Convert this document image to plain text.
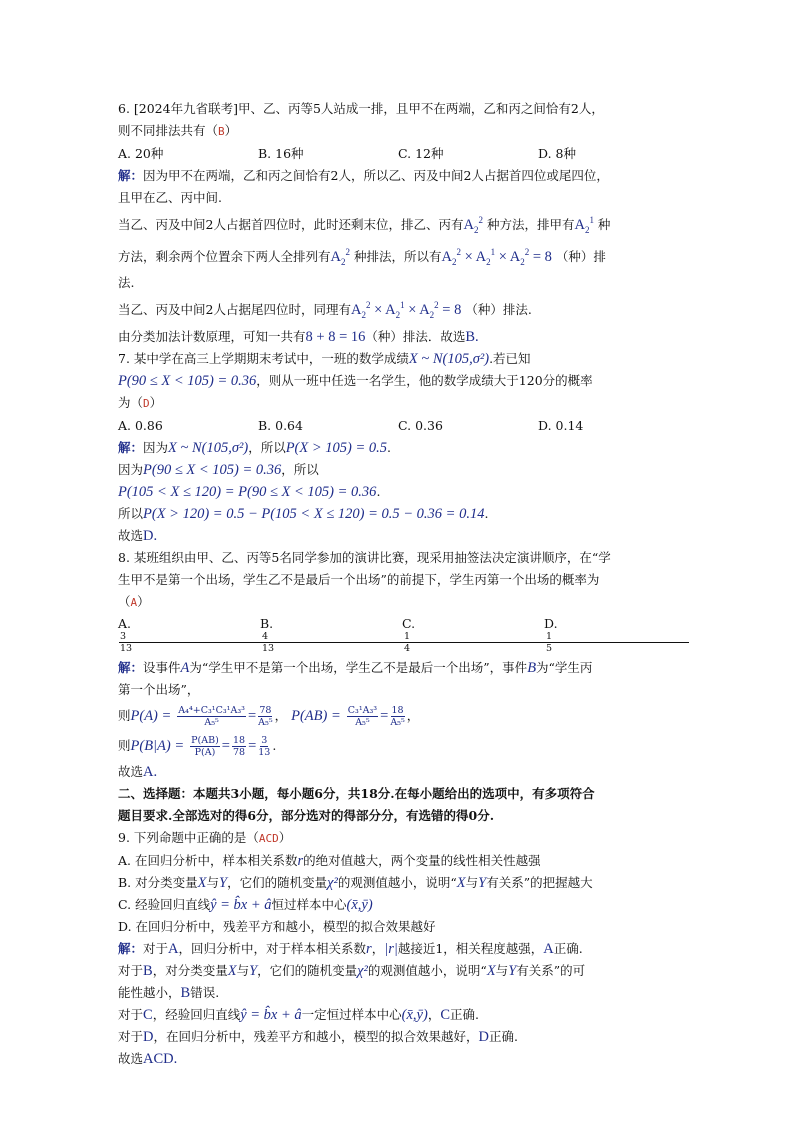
6. [2024年九省联考]甲、乙、丙等5人站成一排，且甲不在两端，乙和丙之间恰有2人，
则不同排法共有（B）
A. 20种	B. 16种	C. 12种	D. 8种
解：因为甲不在两端，乙和丙之间恰有2人，所以乙、丙及中间2人占据首四位或尾四位，
且甲在乙、丙中间.
当乙、丙及中间2人占据首四位时，此时还剩末位，排乙、丙有$A_2^2$ 种方法，排甲有$A_2^1$ 种
方法，剩余两个位置余下两人全排列有$A_2^2$ 种排法，所以有$A_2^2 \times A_2^1 \times A_2^2 = 8$ （种）排
法.
当乙、丙及中间2人占据尾四位时，同理有$A_2^2 \times A_2^1 \times A_2^2 = 8$ （种）排法.
由分类加法计数原理，可知一共有8 + 8 = 16（种）排法．故选B.
7. 某中学在高三上学期期末考试中，一班的数学成绩X ~ N(105,σ²).若已知
P(90 ≤ X < 105) = 0.36，则从一班中任选一名学生，他的数学成绩大于120分的概率
为（D）
A. 0.86	B. 0.64	C. 0.36	D. 0.14
解：因为X ~ N(105,σ²)，所以P(X > 105) = 0.5.
因为P(90 ≤ X < 105) = 0.36，所以
P(105 < X ≤ 120) = P(90 ≤ X < 105) = 0.36.
所以P(X > 120) = 0.5 − P(105 < X ≤ 120) = 0.5 − 0.36 = 0.14.
故选D.
8. 某班组织由甲、乙、丙等5名同学参加的演讲比赛，现采用抽签法决定演讲顺序，在“学
生甲不是第一个出场，学生乙不是最后一个出场”的前提下，学生丙第一个出场的概率为
（A）
A.
$\frac{3}{13}$
B.
$\frac{4}{13}$
C.
$\frac{1}{4}$
D.
$\frac{1}{5}$
解：设事件A为“学生甲不是第一个出场，学生乙不是最后一个出场”，事件B为“学生丙
第一个出场”，
则$P(A) = \frac{\text{A₄⁴+C₃¹C₃¹A₃³}}{\text{A₅⁵}} = \frac{78}{\text{A₅⁵}}$ ， $P(AB) = \frac{\text{C₃¹A₃³}}{\text{A₅⁵}} = \frac{18}{\text{A₅⁵}}$ ，
则$P(B|A) = \frac{P(AB)}{P(A)} = \frac{18}{78} = \frac{3}{13}$ .
故选A.
二、选择题：本题共3小题，每小题6分，共18分.在每小题给出的选项中，有多项符合
题目要求.全部选对的得6分，部分选对的得部分分，有选错的得0分.
9. 下列命题中正确的是（ACD）
A. 在回归分析中，样本相关系数r的绝对值越大，两个变量的线性相关性越强
B. 对分类变量X与Y，它们的随机变量χ²的观测值越小，说明“X与Y有关系”的把握越大
C. 经验回归直线ŷ = b̂x + â恒过样本中心(x̄,ȳ)
D. 在回归分析中，残差平方和越小，模型的拟合效果越好
解：对于A，回归分析中，对于样本相关系数r，|r|越接近1，相关程度越强，A正确.
对于B，对分类变量X与Y，它们的随机变量χ²的观测值越小，说明“X与Y有关系”的可
能性越小，B错误.
对于C，经验回归直线ŷ = b̂x + â一定恒过样本中心(x̄,ȳ)，C正确.
对于D，在回归分析中，残差平方和越小，模型的拟合效果越好，D正确.
故选ACD.
